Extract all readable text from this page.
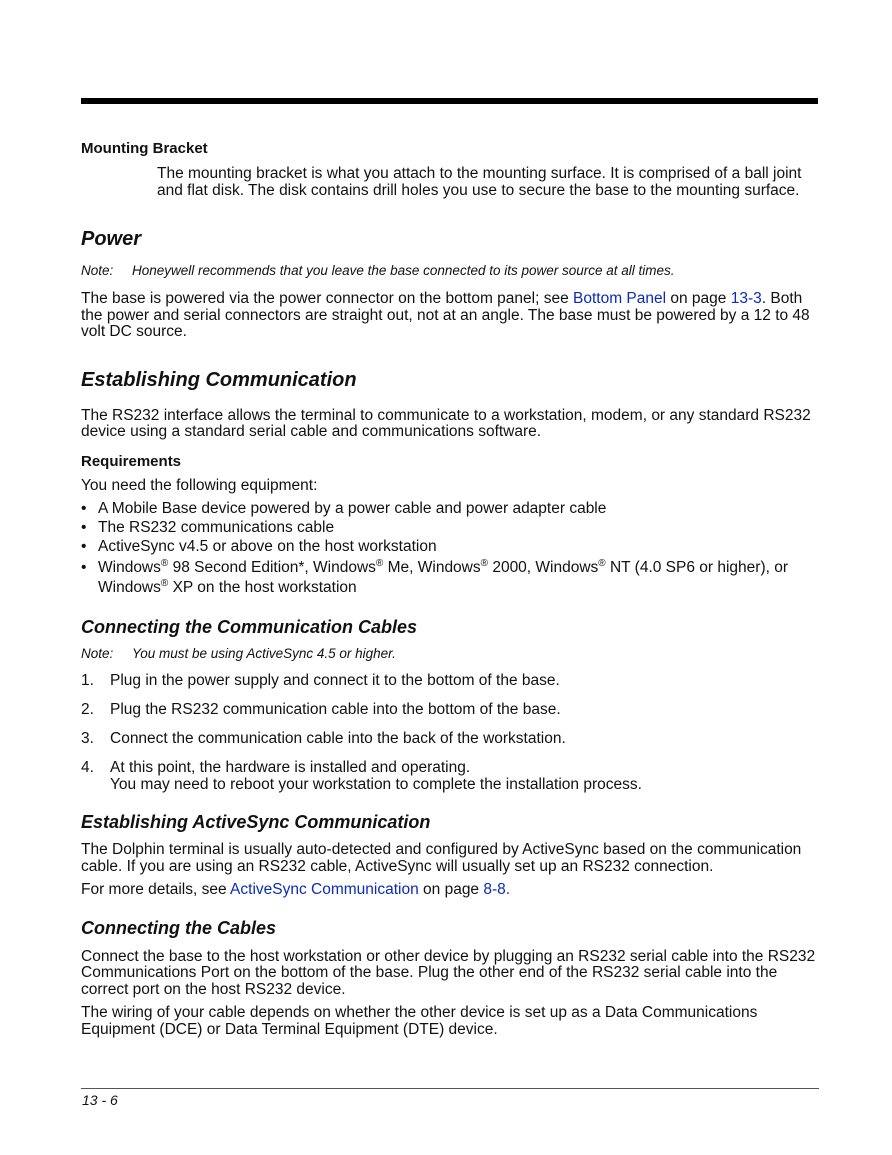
Mounting Bracket

The mounting bracket is what you attach to the mounting surface. It is comprised of a ball joint and flat disk. The disk contains drill holes you use to secure the base to the mounting surface.

Power

Note: Honeywell recommends that you leave the base connected to its power source at all times.

The base is powered via the power connector on the bottom panel; see Bottom Panel on page 13-3. Both the power and serial connectors are straight out, not at an angle. The base must be powered by a 12 to 48 volt DC source.

Establishing Communication

The RS232 interface allows the terminal to communicate to a workstation, modem, or any standard RS232 device using a standard serial cable and communications software.

Requirements

You need the following equipment:

• A Mobile Base device powered by a power cable and power adapter cable
• The RS232 communications cable
• ActiveSync v4.5 or above on the host workstation
• Windows® 98 Second Edition*, Windows® Me, Windows® 2000, Windows® NT (4.0 SP6 or higher), or
Windows® XP on the host workstation
Connecting the Communication Cables

Note: You must be using ActiveSync 4.5 or higher.

1.	Plug in the power supply and connect it to the bottom of the base.
2.	Plug the RS232 communication cable into the bottom of the base.
3.	Connect the communication cable into the back of the workstation.
4.	At this point, the hardware is installed and operating.
You may need to reboot your workstation to complete the installation process.
Establishing ActiveSync Communication

The Dolphin terminal is usually auto-detected and configured by ActiveSync based on the communication cable. If you are using an RS232 cable, ActiveSync will usually set up an RS232 connection.

For more details, see ActiveSync Communication on page 8-8.

Connecting the Cables

Connect the base to the host workstation or other device by plugging an RS232 serial cable into the RS232 Communications Port on the bottom of the base. Plug the other end of the RS232 serial cable into the correct port on the host RS232 device.

The wiring of your cable depends on whether the other device is set up as a Data Communications Equipment (DCE) or Data Terminal Equipment (DTE) device.

13 - 6
